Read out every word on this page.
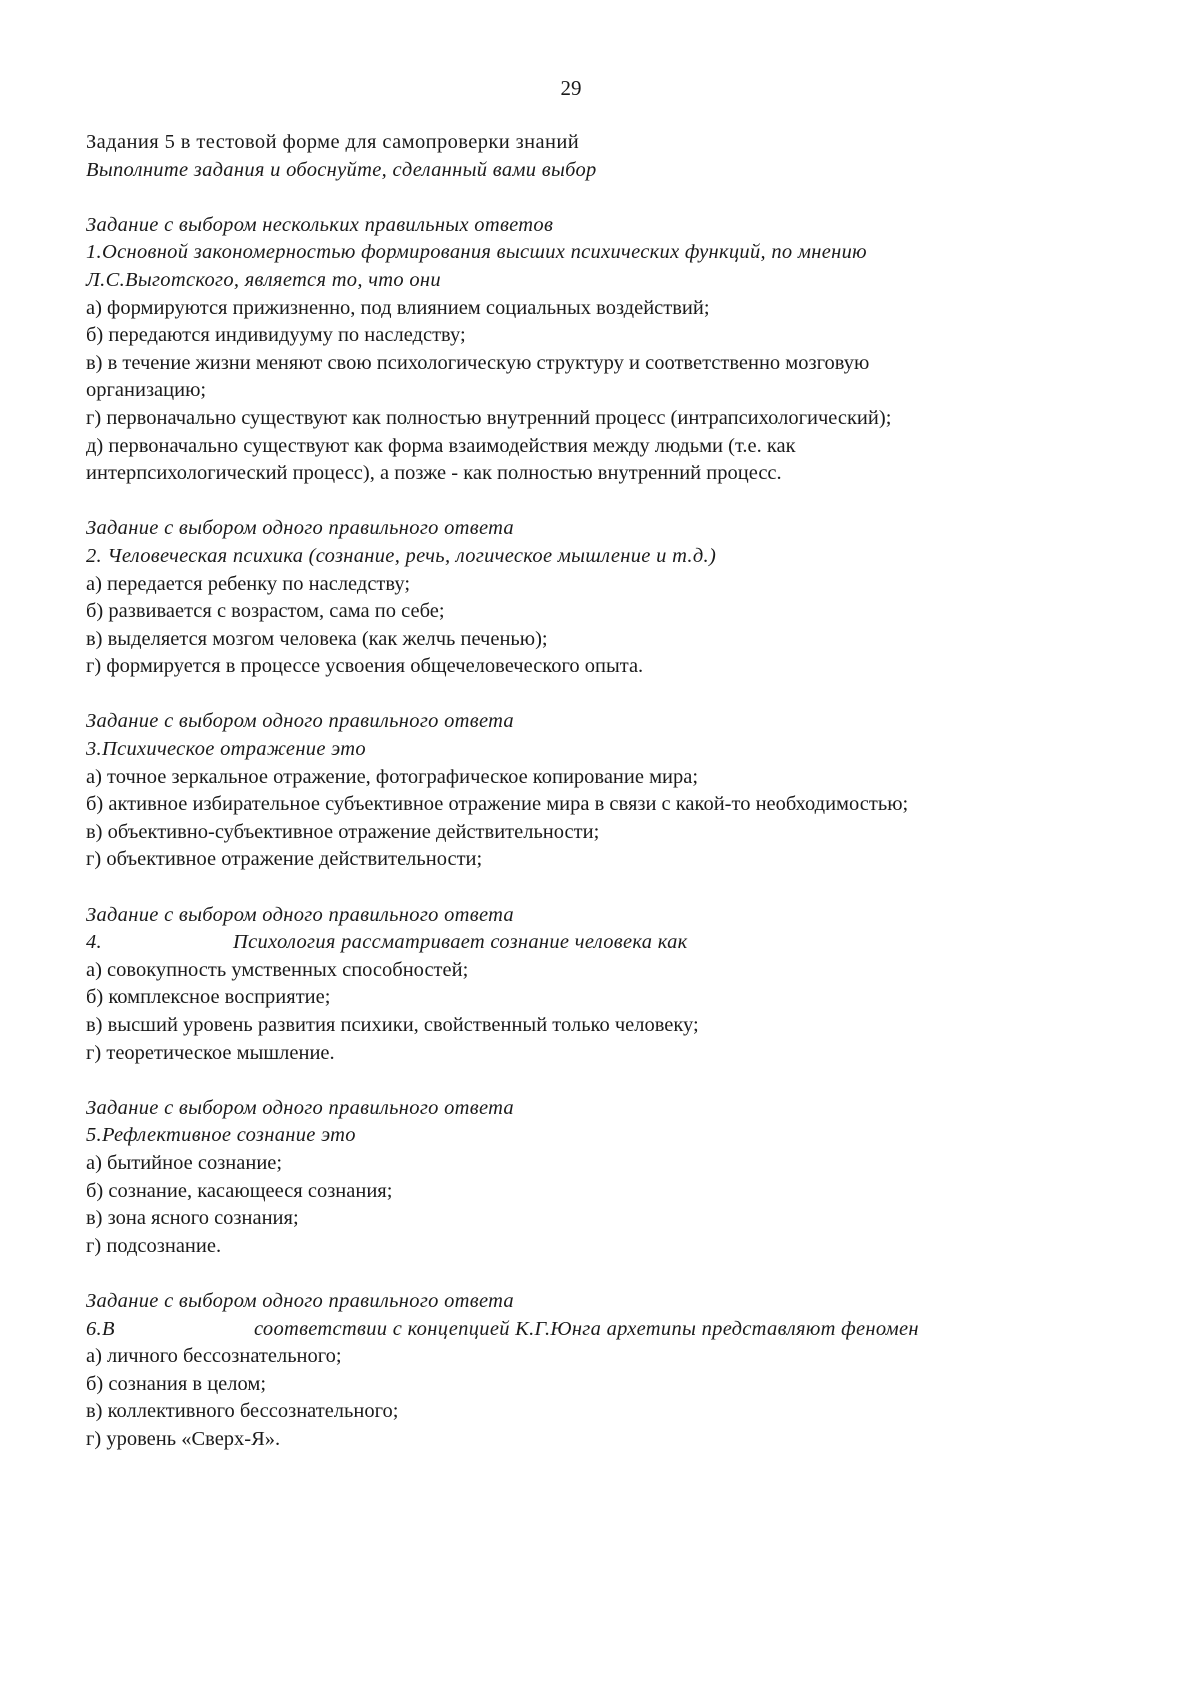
29
Задания 5 в тестовой форме для самопроверки знаний
Выполните задания и обоснуйте, сделанный вами выбор
Задание с выбором нескольких правильных ответов
1.Основной закономерностью формирования высших психических функций, по мнению
Л.С.Выготского, является то, что они
а) формируются прижизненно, под влиянием социальных воздействий;
б) передаются индивидууму по наследству;
в) в течение жизни меняют свою психологическую структуру и соответственно мозговую
организацию;
г) первоначально существуют как полностью внутренний процесс (интрапсихологический);
д) первоначально существуют как форма взаимодействия между людьми (т.е. как
интерпсихологический процесс), а позже - как полностью внутренний процесс.
Задание с выбором одного правильного ответа
2. Человеческая психика (сознание, речь, логическое мышление и т.д.)
а) передается ребенку по наследству;
б) развивается с возрастом, сама по себе;
в) выделяется мозгом человека (как желчь печенью);
г) формируется в процессе усвоения общечеловеческого опыта.
Задание с выбором одного правильного ответа
3.Психическое отражение это
а) точное зеркальное отражение, фотографическое копирование мира;
б) активное избирательное субъективное отражение мира в связи с какой-то необходимостью;
в) объективно-субъективное отражение действительности;
г) объективное отражение действительности;
Задание с выбором одного правильного ответа
4.	Психология рассматривает сознание человека как
а) совокупность умственных способностей;
б) комплексное восприятие;
в) высший уровень развития психики, свойственный только человеку;
г) теоретическое мышление.
Задание с выбором одного правильного ответа
5.Рефлективное сознание это
а) бытийное сознание;
б) сознание, касающееся сознания;
в) зона ясного сознания;
г) подсознание.
Задание с выбором одного правильного ответа
6.В	соответствии с концепцией К.Г.Юнга архетипы представляют феномен
а) личного бессознательного;
б) сознания в целом;
в) коллективного бессознательного;
г) уровень «Сверх-Я».
